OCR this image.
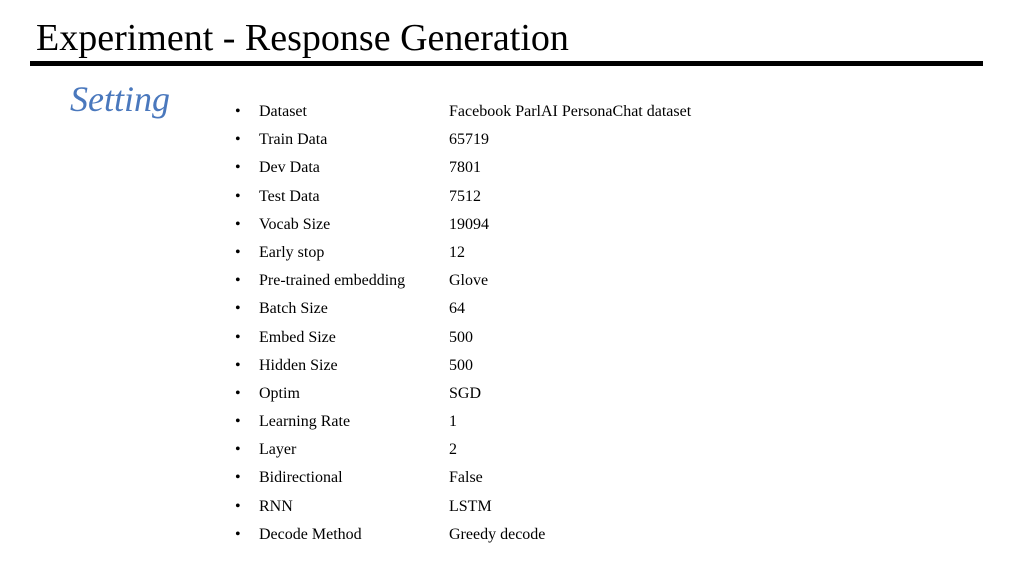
Experiment - Response Generation
Setting	• Dataset	Facebook ParlAI PersonaChat dataset
• Train Data	65719
• Dev Data	7801
• Test Data	7512
• Vocab Size	19094
• Early stop	12
• Pre-trained embedding	Glove
• Batch Size	64
• Embed Size	500
• Hidden Size	500
• Optim	SGD
• Learning Rate	1
• Layer	2
• Bidirectional	False
• RNN	LSTM
• Decode Method	Greedy decode
